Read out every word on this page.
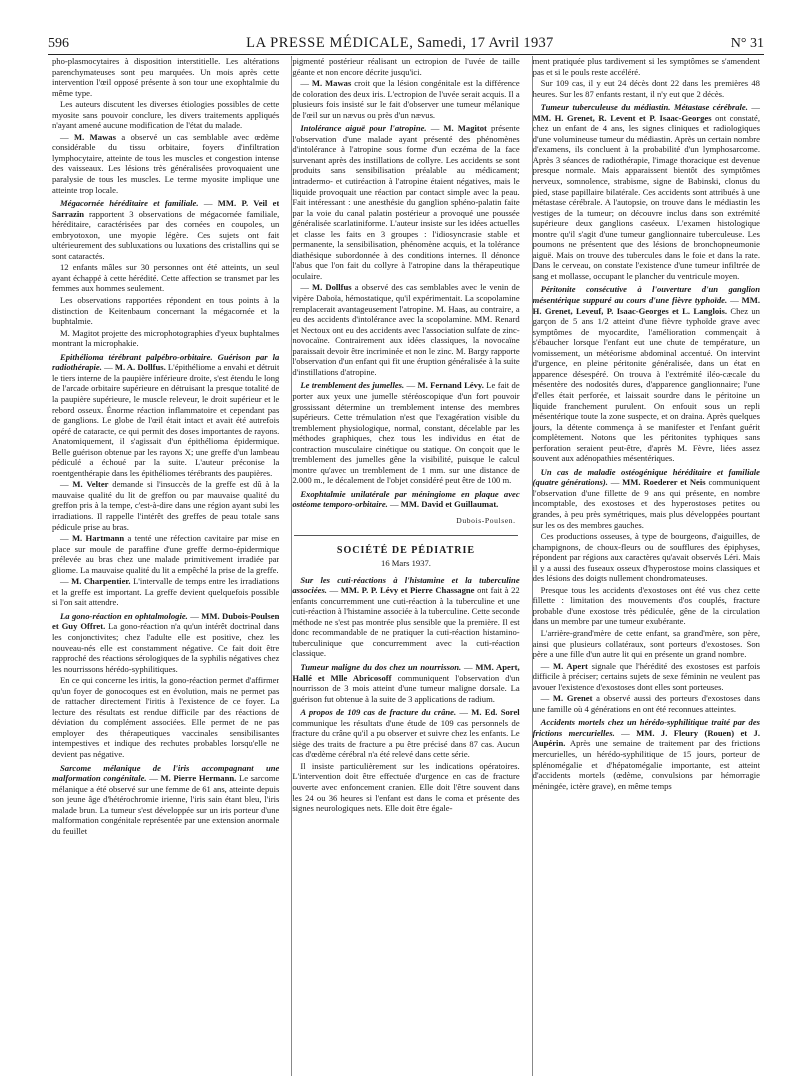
596	LA PRESSE MÉDICALE, Samedi, 17 Avril 1937	N° 31

pho-plasmocytaires à disposition interstitielle. Les altérations parenchymateuses sont peu marquées. Un mois après cette intervention l'œil opposé présente à son tour une exophtalmie du même type.

Les auteurs discutent les diverses étiologies possibles de cette myosite sans pouvoir conclure, les divers traitements appliqués n'ayant amené aucune modification de l'état du malade.

— M. Mawas a observé un cas semblable avec œdème considérable du tissu orbitaire, foyers d'infiltration lymphocytaire, atteinte de tous les muscles et congestion intense des vaisseaux. Les lésions très généralisées provoquaient une paralysie de tous les muscles. Le terme myosite implique une atteinte trop locale.

Mégacornée héréditaire et familiale. — MM. P. Veil et Sarrazin rapportent 3 observations de mégacornée familiale, héréditaire, caractérisées par des cornées en coupoles, un embryotoxon, une myopie légère. Ces sujets ont fait ultérieurement des subluxations ou luxations des cristallins qui se sont cataractés.

12 enfants mâles sur 30 personnes ont été atteints, un seul ayant échappé à cette hérédité. Cette affection se transmet par les femmes aux hommes seulement.

Les observations rapportées répondent en tous points à la distinction de Keitenbaum concernant la mégacornée et la buphtalmie.

M. Magitot projette des microphotographies d'yeux buphtalmes montrant la microphakie.

Epithélioma térébrant palpébro-orbitaire. Guérison par la radiothérapie. — M. A. Dollfus. L'épithéliome a envahi et détruit le tiers interne de la paupière inférieure droite, s'est étendu le long de l'arcade orbitaire supérieure en détruisant la presque totalité de la paupière supérieure, le muscle releveur, le droit supérieur et le rebord osseux. Énorme réaction inflammatoire et cependant pas de ganglions. Le globe de l'œil était intact et avait été autrefois opéré de cataracte, ce qui permit des doses importantes de rayons. Anatomiquement, il s'agissait d'un épithélioma épidermique. Belle guérison obtenue par les rayons X; une greffe d'un lambeau pédiculé a échoué par la suite. L'auteur préconise la roentgenthérapie dans les épithéliomes térébrants des paupières.

— M. Velter demande si l'insuccès de la greffe est dû à la mauvaise qualité du lit de greffon ou par mauvaise qualité du greffon pris à la tempe, c'est-à-dire dans une région ayant subi les irradiations. Il rappelle l'intérêt des greffes de peau totale sans pédicule prise au bras.

— M. Hartmann a tenté une réfection cavitaire par mise en place sur moule de paraffine d'une greffe dermo-épidermique prélevée au bras chez une malade primitivement irradiée par gliome. La mauvaise qualité du lit a empêché la prise de la greffe.

— M. Charpentier. L'intervalle de temps entre les irradiations et la greffe est important. La greffe devient quelquefois possible si l'on sait attendre.

La gono-réaction en ophtalmologie. — MM. Dubois-Poulsen et Guy Offret. La gono-réaction n'a qu'un intérêt doctrinal dans les conjonctivites; chez l'adulte elle est positive, chez les nouveau-nés elle est constamment négative. Ce fait doit être rapproché des réactions sérologiques de la syphilis négatives chez les nourrissons hérédo-syphilitiques.

En ce qui concerne les iritis, la gono-réaction permet d'affirmer qu'un foyer de gonocoques est en évolution, mais ne permet pas de rattacher directement l'iritis à l'existence de ce foyer. La lecture des résultats est rendue difficile par des réactions de déviation du complément associées. Elle permet de ne pas employer des thérapeutiques vaccinales sensibilisantes intempestives et indique des rechutes probables lorsqu'elle ne devient pas négative.

Sarcome mélanique de l'iris accompagnant une malformation congénitale. — M. Pierre Hermann. Le sarcome mélanique a été observé sur une femme de 61 ans, atteinte depuis son jeune âge d'hétérochromie irienne, l'iris sain étant bleu, l'iris malade brun. La tumeur s'est développée sur un iris porteur d'une malformation congénitale représentée par une extension anormale du feuillet

pigmenté postérieur réalisant un ectropion de l'uvée de taille géante et non encore décrite jusqu'ici.

— M. Mawas croit que la lésion congénitale est la différence de coloration des deux iris. L'ectropion de l'uvée serait acquis. Il a plusieurs fois insisté sur le fait d'observer une tumeur mélanique de l'œil sur un nævus ou près d'un nævus.

Intolérance aiguë pour l'atropine. — M. Magitot présente l'observation d'une malade ayant présenté des phénomènes d'intolérance à l'atropine sous forme d'un eczéma de la face survenant après des instillations de collyre. Les accidents se sont produits sans sensibilisation préalable au médicament; intradermo- et cutiréaction à l'atropine étaient négatives, mais le liquide provoquait une réaction par contact simple avec la peau. Fait intéressant : une anesthésie du ganglion sphéno-palatin faite par la voie du canal palatin postérieur a provoqué une poussée généralisée scarlatiniforme. L'auteur insiste sur les idées actuelles et classe les faits en 3 groupes : l'idiosyncrasie stable et permanente, la sensibilisation, phénomène acquis, et la tolérance diathésique subordonnée à des conditions internes. Il dénonce l'abus que l'on fait du collyre à l'atropine dans la thérapeutique oculaire.

— M. Dollfus a observé des cas semblables avec le venin de vipère Daboïa, hémostatique, qu'il expérimentait. La scopolamine remplacerait avantageusement l'atropine. M. Haas, au contraire, a eu des accidents d'intolérance avec la scopolamine. MM. Renard et Nectoux ont eu des accidents avec l'association sulfate de zinc-novocaïne. Contrairement aux idées classiques, la novocaïne paraissait devoir être incriminée et non le zinc. M. Bargy rapporte l'observation d'un enfant qui fit une éruption généralisée à la suite d'instillations d'atropine.

Le tremblement des jumelles. — M. Fernand Lévy. Le fait de porter aux yeux une jumelle stéréoscopique d'un fort pouvoir grossissant détermine un tremblement intense des membres supérieurs. Cette trémulation n'est que l'exagération visible du tremblement physiologique, normal, constant, décelable par les méthodes graphiques, chez tous les individus en état de contraction musculaire cinétique ou statique. On conçoit que le tremblement des jumelles gêne la visibilité, puisque le calcul montre qu'avec un tremblement de 1 mm. sur une distance de 2.000 m., le décalement de l'objet considéré peut être de 100 m.

Exophtalmie unilatérale par méningiome en plaque avec ostéome temporo-orbitaire. — MM. David et Guillaumat.

Dubois-Poulsen.
SOCIÉTÉ DE PÉDIATRIE
16 Mars 1937.

Sur les cuti-réactions à l'histamine et la tuberculine associées. — MM. P. P. Lévy et Pierre Chassagne ont fait à 22 enfants concurremment une cuti-réaction à la tuberculine et une cuti-réaction à l'histamine associée à la tuberculine. Cette seconde méthode ne s'est pas montrée plus sensible que la première. Il est donc recommandable de ne pratiquer la cuti-réaction histamino-tuberculinique que concurremment avec la cuti-réaction classique.

Tumeur maligne du dos chez un nourrisson. — MM. Apert, Hallé et Mlle Abricosoff communiquent l'observation d'un nourrisson de 3 mois atteint d'une tumeur maligne dorsale. La guérison fut obtenue à la suite de 3 applications de radium.

A propos de 109 cas de fracture du crâne. — M. Ed. Sorel communique les résultats d'une étude de 109 cas personnels de fracture du crâne qu'il a pu observer et suivre chez les enfants. Le siège des traits de fracture a pu être précisé dans 87 cas. Aucun cas d'œdème cérébral n'a été relevé dans cette série.

Il insiste particulièrement sur les indications opératoires. L'intervention doit être effectuée d'urgence en cas de fracture ouverte avec enfoncement cranien. Elle doit l'être souvent dans les 24 ou 36 heures si l'enfant est dans le coma et présente des signes neurologiques nets. Elle doit être égale-

ment pratiquée plus tardivement si les symptômes se s'amendent pas et si le pouls reste accéléré.

Sur 109 cas, il y eut 24 décès dont 22 dans les premières 48 heures. Sur les 87 enfants restant, il n'y eut que 2 décès.

Tumeur tuberculeuse du médiastin. Métastase cérébrale. — MM. H. Grenet, R. Levent et P. Isaac-Georges ont constaté, chez un enfant de 4 ans, les signes cliniques et radiologiques d'une volumineuse tumeur du médiastin. Après un certain nombre d'examens, ils concluent à la probabilité d'un lymphosarcome. Après 3 séances de radiothérapie, l'image thoracique est devenue presque normale. Mais apparaissent bientôt des symptômes nerveux, somnolence, strabisme, signe de Babinski, clonus du pied, stase papillaire bilatérale. Ces accidents sont attribués à une métastase cérébrale. A l'autopsie, on trouve dans le médiastin les vestiges de la tumeur; on découvre inclus dans son extrémité supérieure deux ganglions caséeux. L'examen histologique montre qu'il s'agit d'une tumeur ganglionnaire tuberculeuse. Les poumons ne présentent que des lésions de bronchopneumonie aiguë. Mais on trouve des tubercules dans le foie et dans la rate. Dans le cerveau, on constate l'existence d'une tumeur infiltrée de sang et mollasse, occupant le plancher du ventricule moyen.

Péritonite consécutive à l'ouverture d'un ganglion mésentérique suppuré au cours d'une fièvre typhoïde. — MM. H. Grenet, Leveuf, P. Isaac-Georges et L. Langlois. Chez un garçon de 5 ans 1/2 atteint d'une fièvre typhoïde grave avec symptômes de myocardite, l'amélioration commençait à s'ébaucher lorsque l'enfant eut une chute de température, un vomissement, un météorisme abdominal accentué. On intervint d'urgence, en pleine péritonite généralisée, dans un état en apparence désespéré. On trouva à l'extrémité iléo-cæcale du mésentère des nodosités dures, d'apparence ganglionnaire; l'une d'elles était perforée, et laissait sourdre dans le péritoine un liquide franchement purulent. On enfouit sous un repli mésentérique toute la zone suspecte, et on draina. Après quelques jours, la détente commença à se manifester et l'enfant guérit complètement. Notons que les péritonites typhiques sans perforation seraient peut-être, d'après M. Fèvre, liées assez souvent aux adénopathies mésentériques.

Un cas de maladie ostéogénique héréditaire et familiale (quatre générations). — MM. Roederer et Neis communiquent l'observation d'une fillette de 9 ans qui présente, en nombre incomptable, des exostoses et des hyperostoses petites ou grandes, à peu près symétriques, mais plus développées pourtant sur les os des membres gauches.

Ces productions osseuses, à type de bourgeons, d'aiguilles, de champignons, de choux-fleurs ou de soufflures des épiphyses, répondent par régions aux caractères qu'avait observés Léri. Mais il y a aussi des fuseaux osseux d'hyperostose moins classiques et des lésions des doigts nullement chondromateuses.

Presque tous les accidents d'exostoses ont été vus chez cette fillette : limitation des mouvements d'os couplés, fracture probable d'une exostose très pédiculée, gêne de la circulation dans un membre par une tumeur exubérante.

L'arrière-grand'mère de cette enfant, sa grand'mère, son père, ainsi que plusieurs collatéraux, sont porteurs d'exostoses. Son père a une fille d'un autre lit qui en présente un grand nombre.

— M. Apert signale que l'hérédité des exostoses est parfois difficile à préciser; certains sujets de sexe féminin ne veulent pas avouer l'existence d'exostoses dont elles sont porteuses.

— M. Grenet a observé aussi des porteurs d'exostoses dans une famille où 4 générations en ont été reconnues atteintes.

Accidents mortels chez un hérédo-syphilitique traité par des frictions mercurielles. — MM. J. Fleury (Rouen) et J. Aupérin. Après une semaine de traitement par des frictions mercurielles, un hérédo-syphilitique de 15 jours, porteur de splénomégalie et d'hépatomégalie importante, est atteint d'accidents mortels (œdème, convulsions par hémorragie méningée, ictère grave), en même temps
